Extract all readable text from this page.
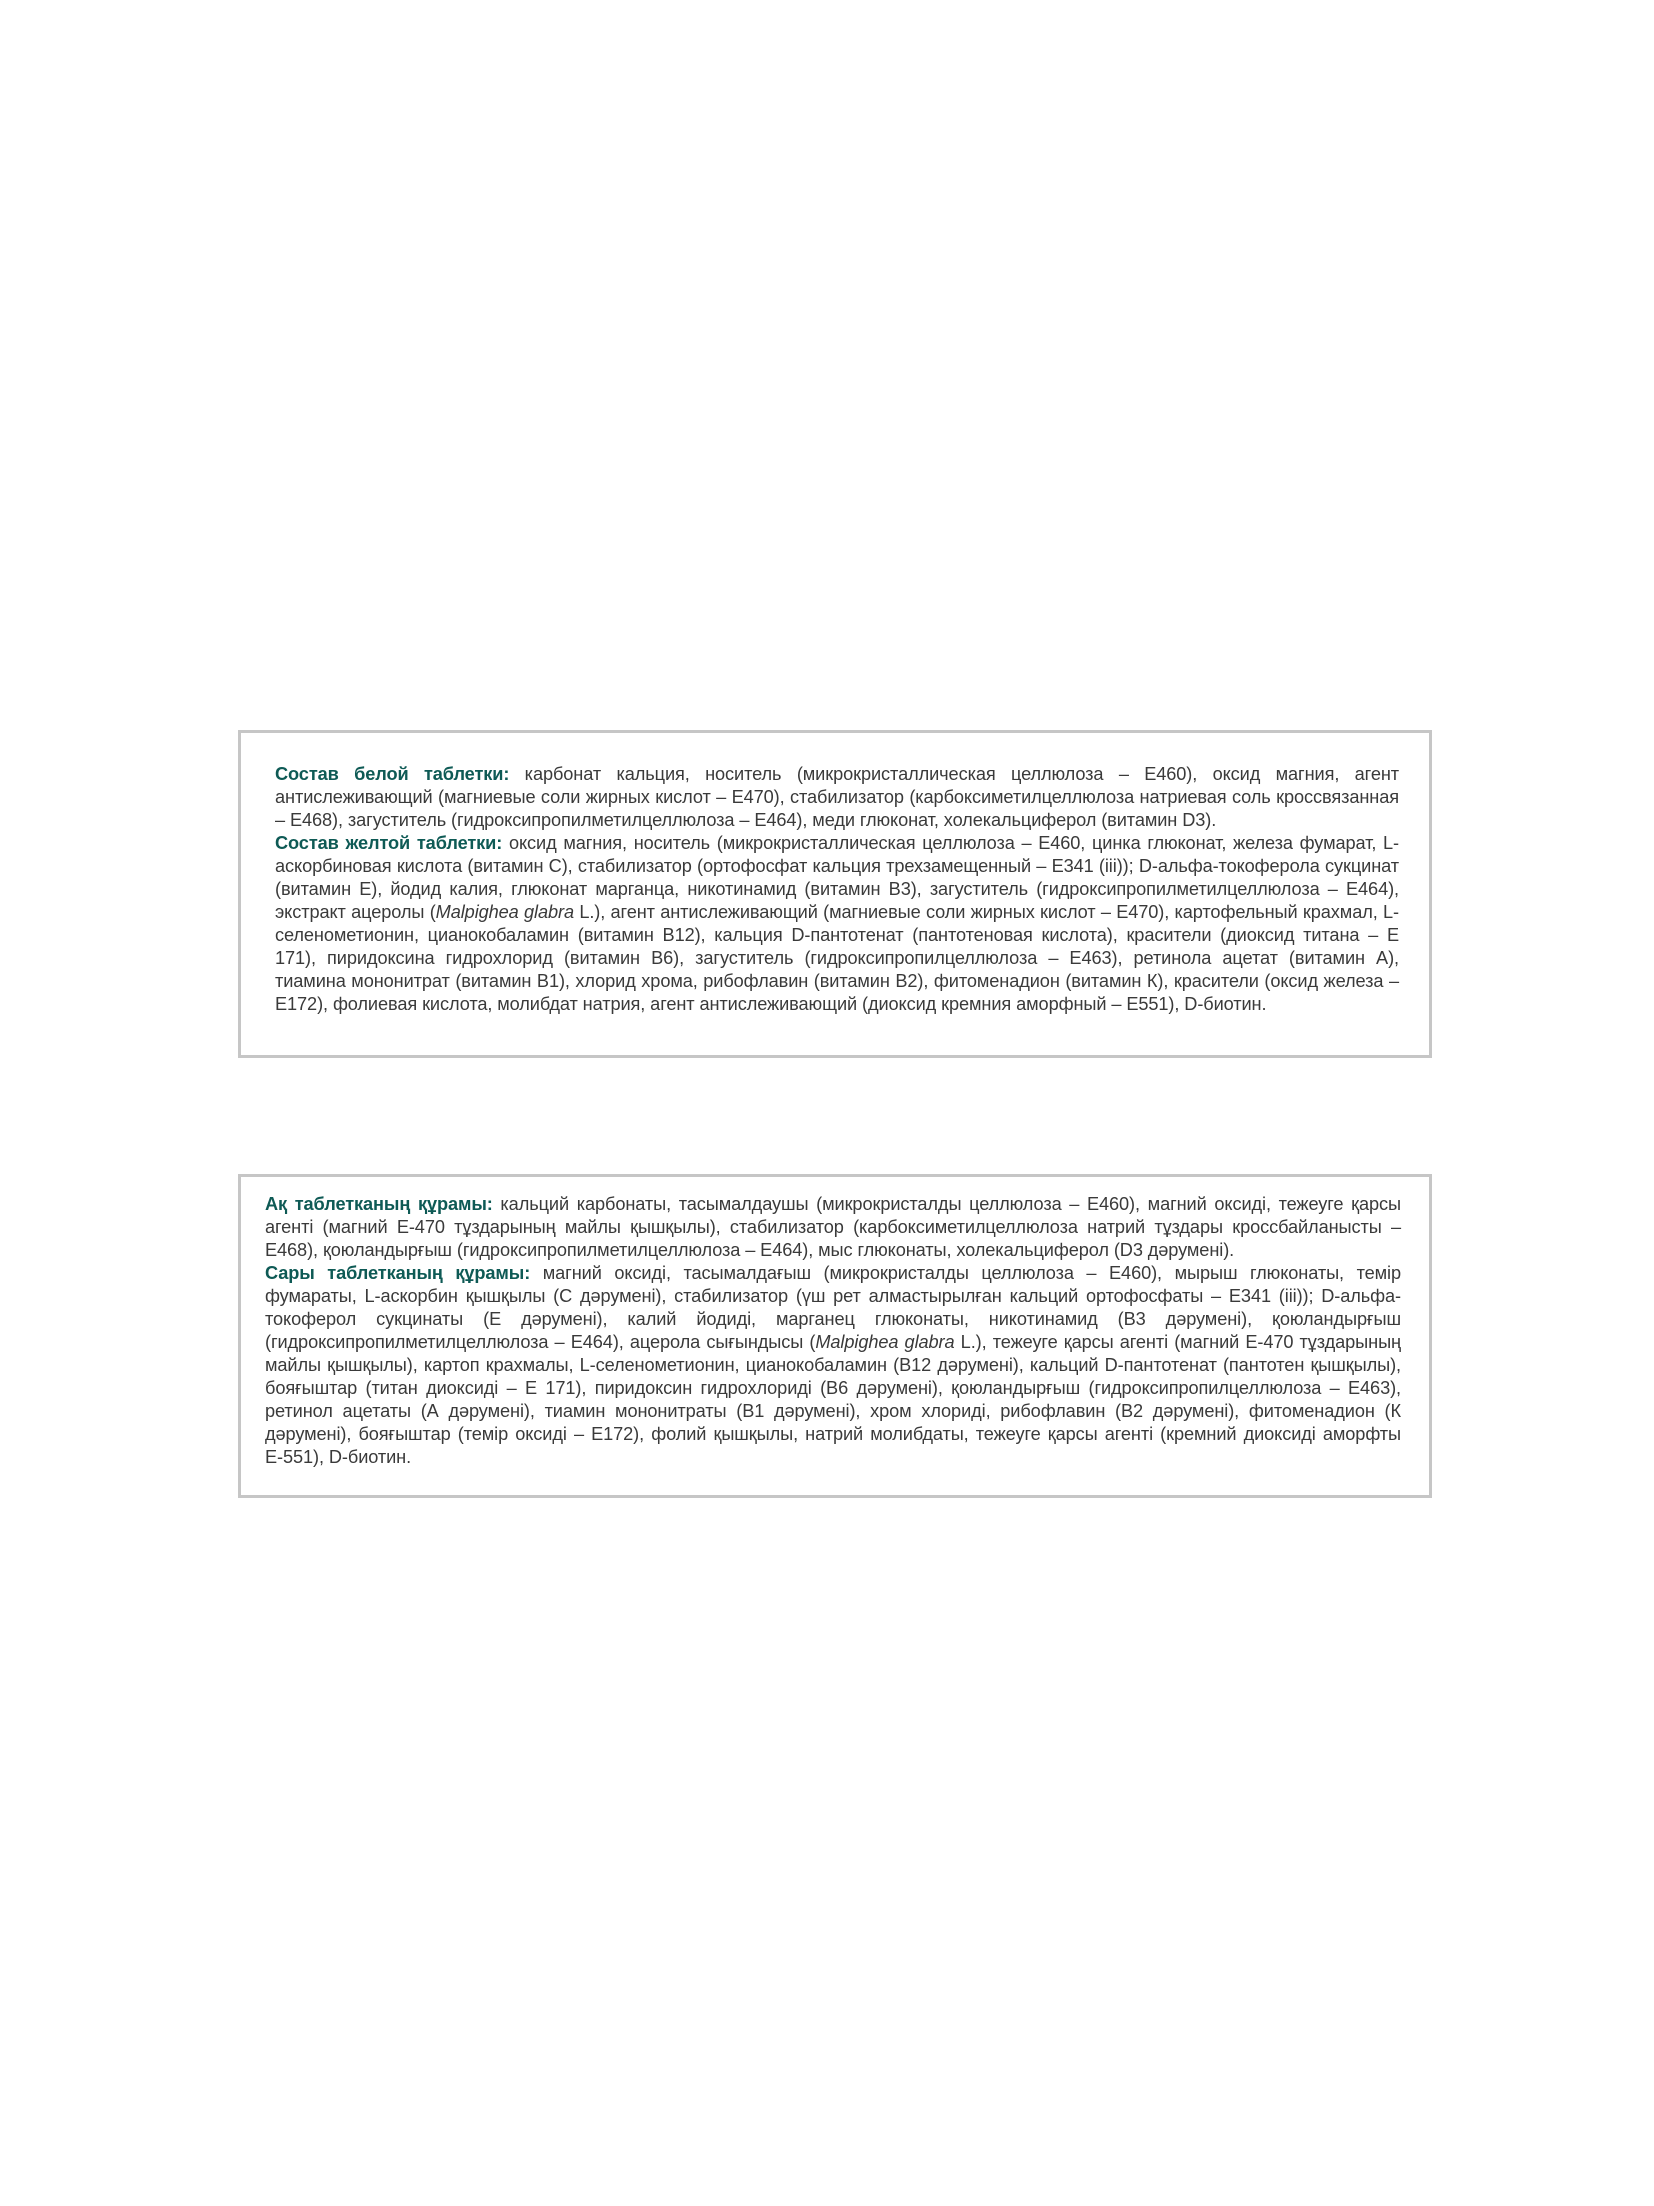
Состав белой таблетки: карбонат кальция, носитель (микрокристаллическая целлюлоза – Е460), оксид магния, агент антислеживающий (магниевые соли жирных кислот – Е470), стабилизатор (карбоксиметилцеллюлоза натриевая соль кроссвязанная – Е468), загуститель (гидроксипропилметилцеллюлоза – Е464), меди глюконат, холекальциферол (витамин D3).

Состав желтой таблетки: оксид магния, носитель (микрокристаллическая целлюлоза – Е460, цинка глюконат, железа фумарат, L-аскорбиновая кислота (витамин С), стабилизатор (ортофосфат кальция трехзамещенный – Е341 (iii)); D-альфа-токоферола сукцинат (витамин Е), йодид калия, глюконат марганца, никотинамид (витамин В3), загуститель (гидроксипропилметилцеллюлоза – Е464), экстракт ацеролы (Malpighea glabra L.), агент антислеживающий (магниевые соли жирных кислот – Е470), картофельный крахмал, L-селенометионин, цианокобаламин (витамин В12), кальция D-пантотенат (пантотеновая кислота), красители (диоксид титана – Е 171), пиридоксина гидрохлорид (витамин В6), загуститель (гидроксипропилцеллюлоза – Е463), ретинола ацетат (витамин А), тиамина мононитрат (витамин В1), хлорид хрома, рибофлавин (витамин В2), фитоменадион (витамин К), красители (оксид железа – Е172), фолиевая кислота, молибдат натрия, агент антислеживающий (диоксид кремния аморфный – Е551), D-биотин.

Ақ таблетканың құрамы: кальций карбонаты, тасымалдаушы (микрокристалды целлюлоза – Е460), магний оксиді, тежеуге қарсы агенті (магний Е-470 тұздарының майлы қышқылы), стабилизатор (карбоксиметилцеллюлоза натрий тұздары кроссбайланысты – Е468), қоюландырғыш (гидроксипропилметилцеллюлоза – Е464), мыс глюконаты, холекальциферол (D3 дәрумені).

Сары таблетканың құрамы: магний оксиді, тасымалдағыш (микрокристалды целлюлоза – Е460), мырыш глюконаты, темір фумараты, L-аскорбин қышқылы (С дәрумені), стабилизатор (үш рет алмастырылған кальций ортофосфаты – Е341 (iii)); D-альфа-токоферол сукцинаты (Е дәрумені), калий йодиді, марганец глюконаты, никотинамид (В3 дәрумені), қоюландырғыш (гидроксипропилметилцеллюлоза – Е464), ацерола сығындысы (Malpighea glabra L.), тежеуге қарсы агенті (магний Е-470 тұздарының майлы қышқылы), картоп крахмалы, L-селенометионин, цианокобаламин (В12 дәрумені), кальций D-пантотенат (пантотен қышқылы), бояғыштар (титан диоксиді – Е 171), пиридоксин гидрохлориді (В6 дәрумені), қоюландырғыш (гидроксипропилцеллюлоза – Е463), ретинол ацетаты (А дәрумені), тиамин мононитраты (В1 дәрумені), хром хлориді, рибофлавин (В2 дәрумені), фитоменадион (К дәрумені), бояғыштар (темір оксиді – Е172), фолий қышқылы, натрий молибдаты, тежеуге қарсы агенті (кремний диоксиді аморфты Е-551), D-биотин.
